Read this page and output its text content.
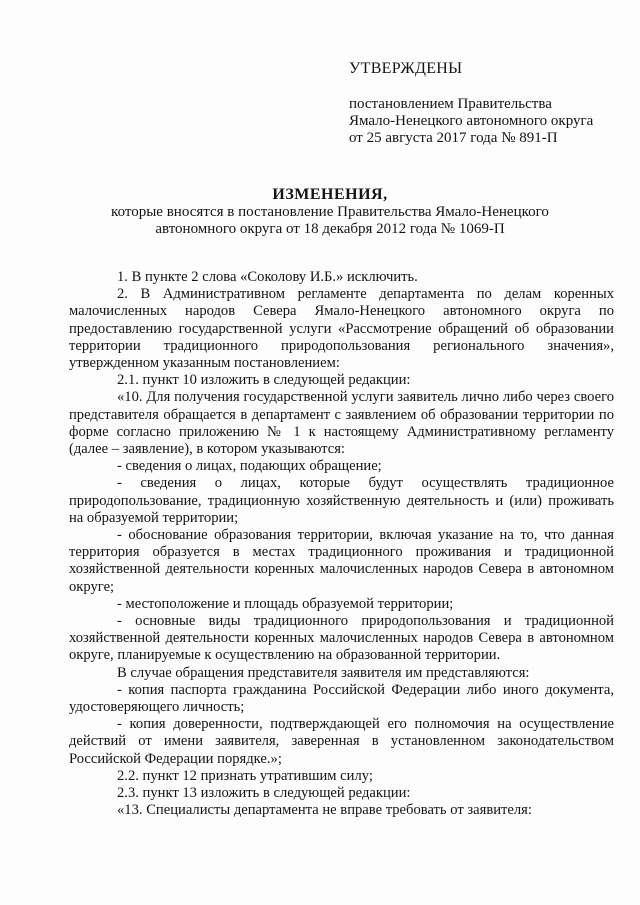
УТВЕРЖДЕНЫ
постановлением Правительства
Ямало-Ненецкого автономного округа
от 25 августа 2017 года № 891-П
ИЗМЕНЕНИЯ,
которые вносятся в постановление Правительства Ямало-Ненецкого
автономного округа от 18 декабря 2012 года № 1069-П

1. В пункте 2 слова «Соколову И.Б.» исключить.

2. В Административном регламенте департамента по делам коренных малочисленных народов Севера Ямало-Ненецкого автономного округа по предоставлению государственной услуги «Рассмотрение обращений об образовании территории традиционного природопользования регионального значения», утвержденном указанным постановлением:

2.1. пункт 10 изложить в следующей редакции:

«10. Для получения государственной услуги заявитель лично либо через своего представителя обращается в департамент с заявлением об образовании территории по форме согласно приложению № 1 к настоящему Административному регламенту (далее – заявление), в котором указываются:

- сведения о лицах, подающих обращение;

- сведения о лицах, которые будут осуществлять традиционное природопользование, традиционную хозяйственную деятельность и (или) проживать на образуемой территории;

- обоснование образования территории, включая указание на то, что данная территория образуется в местах традиционного проживания и традиционной хозяйственной деятельности коренных малочисленных народов Севера в автономном округе;

- местоположение и площадь образуемой территории;

- основные виды традиционного природопользования и традиционной хозяйственной деятельности коренных малочисленных народов Севера в автономном округе, планируемые к осуществлению на образованной территории.

В случае обращения представителя заявителя им представляются:

- копия паспорта гражданина Российской Федерации либо иного документа, удостоверяющего личность;

- копия доверенности, подтверждающей его полномочия на осуществление действий от имени заявителя, заверенная в установленном законодательством Российской Федерации порядке.»;

2.2. пункт 12 признать утратившим силу;

2.3. пункт 13 изложить в следующей редакции:

«13. Специалисты департамента не вправе требовать от заявителя:
